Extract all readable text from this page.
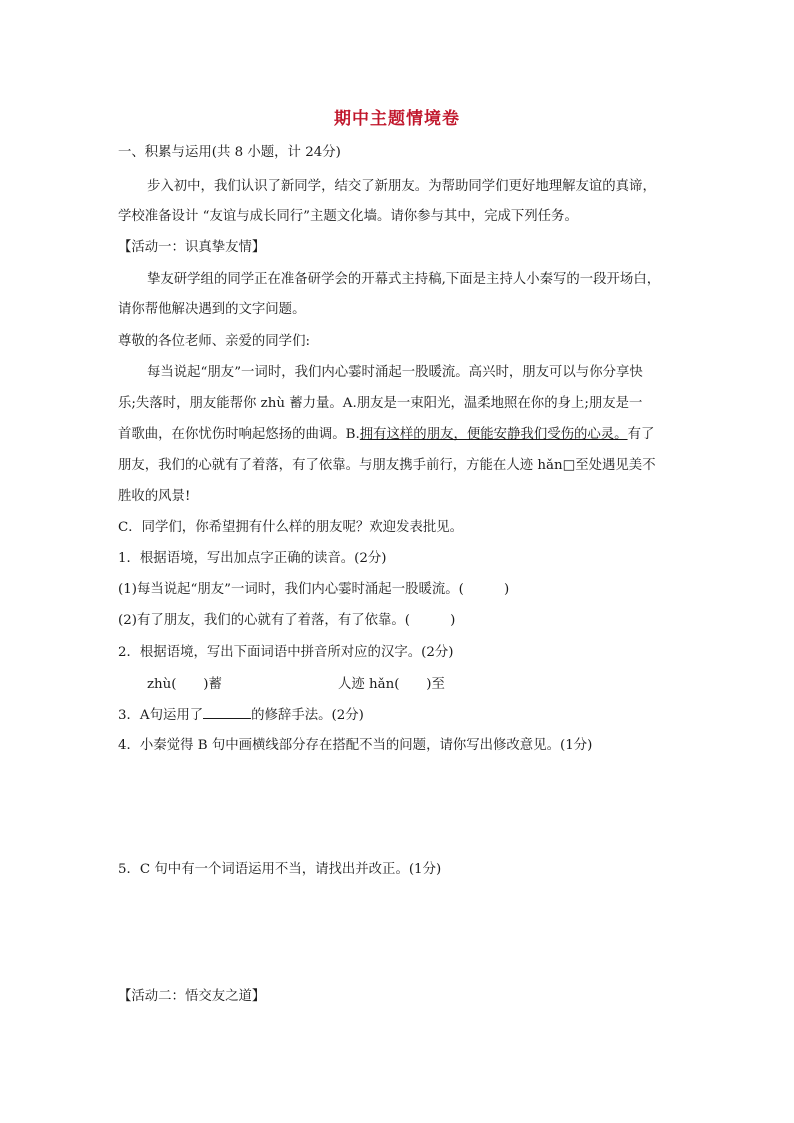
期中主题情境卷
一、积累与运用(共 8 小题，计 24分)
步入初中，我们认识了新同学，结交了新朋友。为帮助同学们更好地理解友谊的真谛，
学校准备设计 “友谊与成长同行”主题文化墙。请你参与其中，完成下列任务。
【活动一：识真挚友情】
挚友研学组的同学正在准备研学会的开幕式主持稿,下面是主持人小秦写的一段开场白，
请你帮他解决遇到的文字问题。
尊敬的各位老师、亲爱的同学们:
每当说起“朋友”一词时，我们内心霎时涌起一股暖流。高兴时，朋友可以与你分享快
乐;失落时，朋友能帮你 zhù 蓄力量。A.朋友是一束阳光，温柔地照在你的身上;朋友是一
首歌曲，在你忧伤时响起悠扬的曲调。B.拥有这样的朋友，便能安静我们受伤的心灵。有了
朋友，我们的心就有了着落，有了依靠。与朋友携手前行，方能在人迹 hǎn□至处遇见美不
胜收的风景!
C．同学们，你希望拥有什么样的朋友呢？欢迎发表批见。
1．根据语境，写出加点字正确的读音。(2分)
(1)每当说起“朋友”一词时，我们内心霎时涌起一股暖流。(　　　)
(2)有了朋友，我们的心就有了着落，有了依靠。(　　　)
2．根据语境，写出下面词语中拼音所对应的汉字。(2分)
zhù(　　)蓄	人迹 hǎn(　　)至
3．A句运用了	的修辞手法。(2分)
4．小秦觉得 B 句中画横线部分存在搭配不当的问题，请你写出修改意见。(1分)
5．C 句中有一个词语运用不当，请找出并改正。(1分)
【活动二：悟交友之道】
